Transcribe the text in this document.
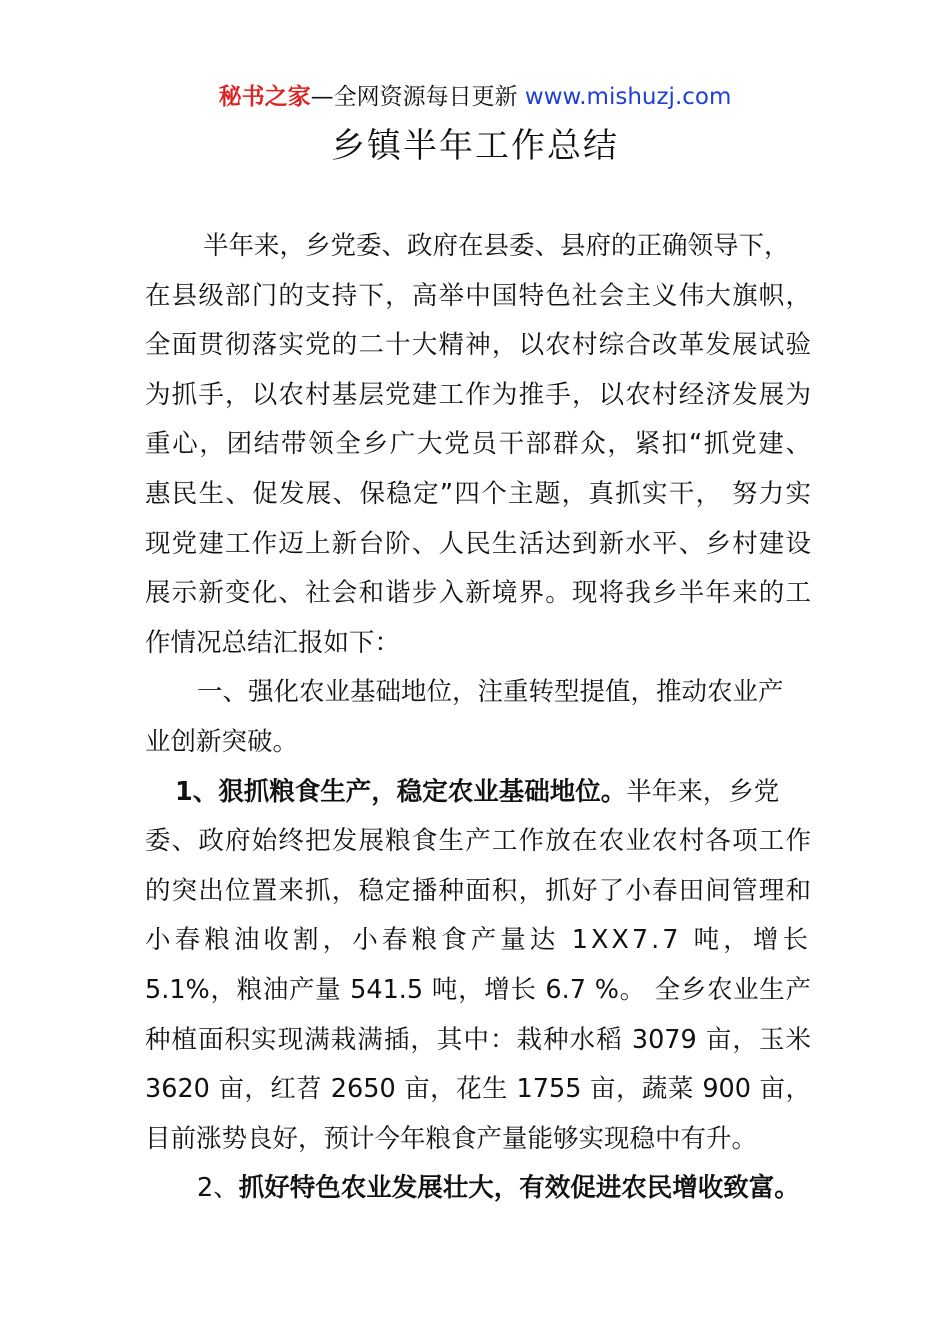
秘书之家—全网资源每日更新 www.mishuzj.com
乡镇半年工作总结
半年来，乡党委、政府在县委、县府的正确领导下，
在县级部门的支持下，高举中国特色社会主义伟大旗帜，
全面贯彻落实党的二十大精神，以农村综合改革发展试验
为抓手，以农村基层党建工作为推手，以农村经济发展为
重心，团结带领全乡广大党员干部群众，紧扣“抓党建、
惠民生、促发展、保稳定”四个主题，真抓实干， 努力实
现党建工作迈上新台阶、人民生活达到新水平、乡村建设
展示新变化、社会和谐步入新境界。现将我乡半年来的工
作情况总结汇报如下：
一、强化农业基础地位，注重转型提值，推动农业产
业创新突破。
1、狠抓粮食生产，稳定农业基础地位。半年来，乡党
委、政府始终把发展粮食生产工作放在农业农村各项工作
的突出位置来抓，稳定播种面积，抓好了小春田间管理和
小春粮油收割，小春粮食产量达 1XX7.7 吨，增长
5.1%，粮油产量 541.5 吨，增长 6.7 %。 全乡农业生产
种植面积实现满栽满插，其中：栽种水稻 3079 亩，玉米
3620 亩，红苕 2650 亩，花生 1755 亩，蔬菜 900 亩，
目前涨势良好，预计今年粮食产量能够实现稳中有升。
2、抓好特色农业发展壮大，有效促进农民增收致富。
